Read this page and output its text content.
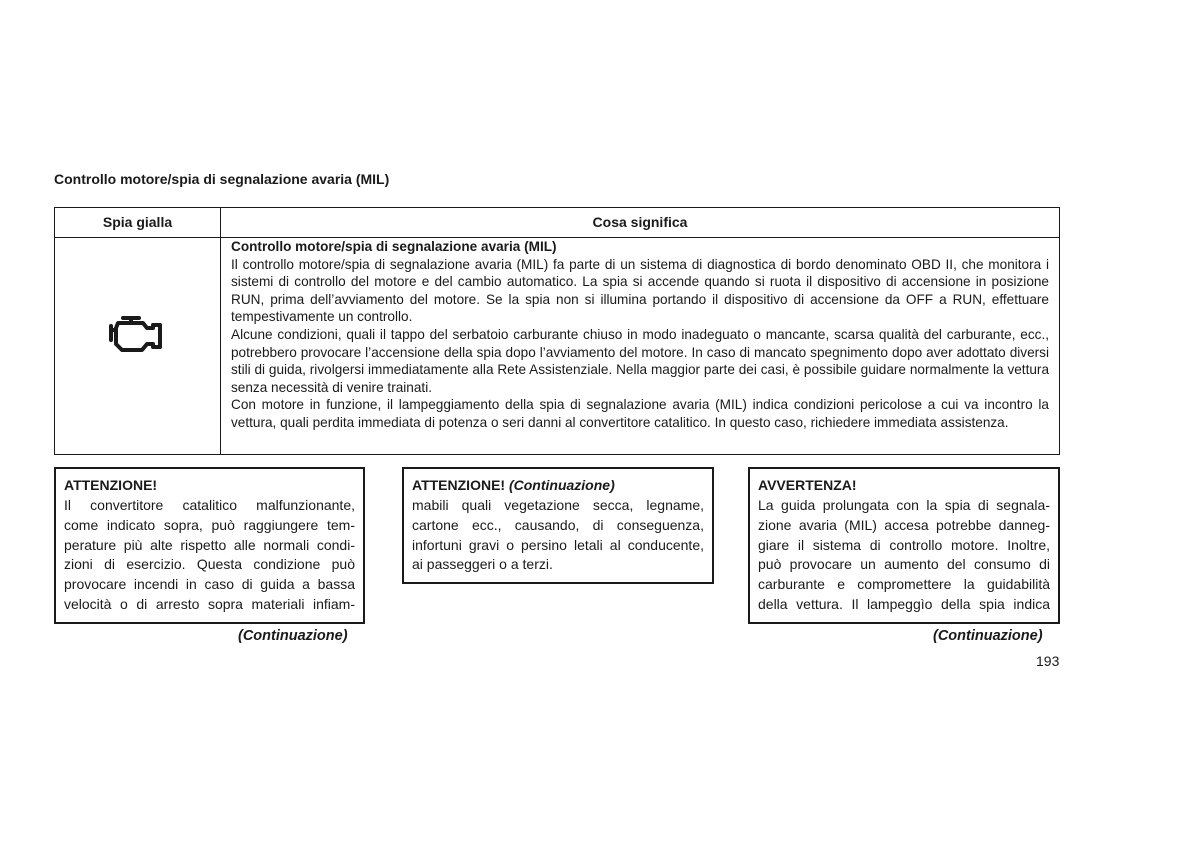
Controllo motore/spia di segnalazione avaria (MIL)
Spia gialla	Cosa significa

Controllo motore/spia di segnalazione avaria (MIL)

Il controllo motore/spia di segnalazione avaria (MIL) fa parte di un sistema di diagnostica di bordo denominato OBD II, che monitora i sistemi di controllo del motore e del cambio automatico. La spia si accende quando si ruota il dispositivo di accensione in posizione RUN, prima dell’avviamento del motore. Se la spia non si illumina portando il dispositivo di accensione da OFF a RUN, effettuare tempestivamente un controllo.

Alcune condizioni, quali il tappo del serbatoio carburante chiuso in modo inadeguato o mancante, scarsa qualità del carburante, ecc., potrebbero provocare l’accensione della spia dopo l’avviamento del motore. In caso di mancato spegnimento dopo aver adottato diversi stili di guida, rivolgersi immediatamente alla Rete Assistenziale. Nella maggior parte dei casi, è possibile guidare normalmente la vettura senza necessità di venire trainati.

Con motore in funzione, il lampeggiamento della spia di segnalazione avaria (MIL) indica condizioni pericolose a cui va incontro la vettura, quali perdita immediata di potenza o seri danni al convertitore catalitico. In questo caso, richiedere immediata assistenza.

ATTENZIONE!
Il convertitore catalitico malfunzionante,
come indicato sopra, può raggiungere tem-
perature più alte rispetto alle normali condi-
zioni di esercizio. Questa condizione può
provocare incendi in caso di guida a bassa
velocità o di arresto sopra materiali infiam-
ATTENZIONE! (Continuazione)
mabili quali vegetazione secca, legname,
cartone ecc., causando, di conseguenza,
infortuni gravi o persino letali al conducente,
ai passeggeri o a terzi.
AVVERTENZA!
La guida prolungata con la spia di segnala-
zione avaria (MIL) accesa potrebbe danneg-
giare il sistema di controllo motore. Inoltre,
può provocare un aumento del consumo di
carburante e compromettere la guidabilità
della vettura. Il lampeggìo della spia indica
(Continuazione)	(Continuazione)
193
